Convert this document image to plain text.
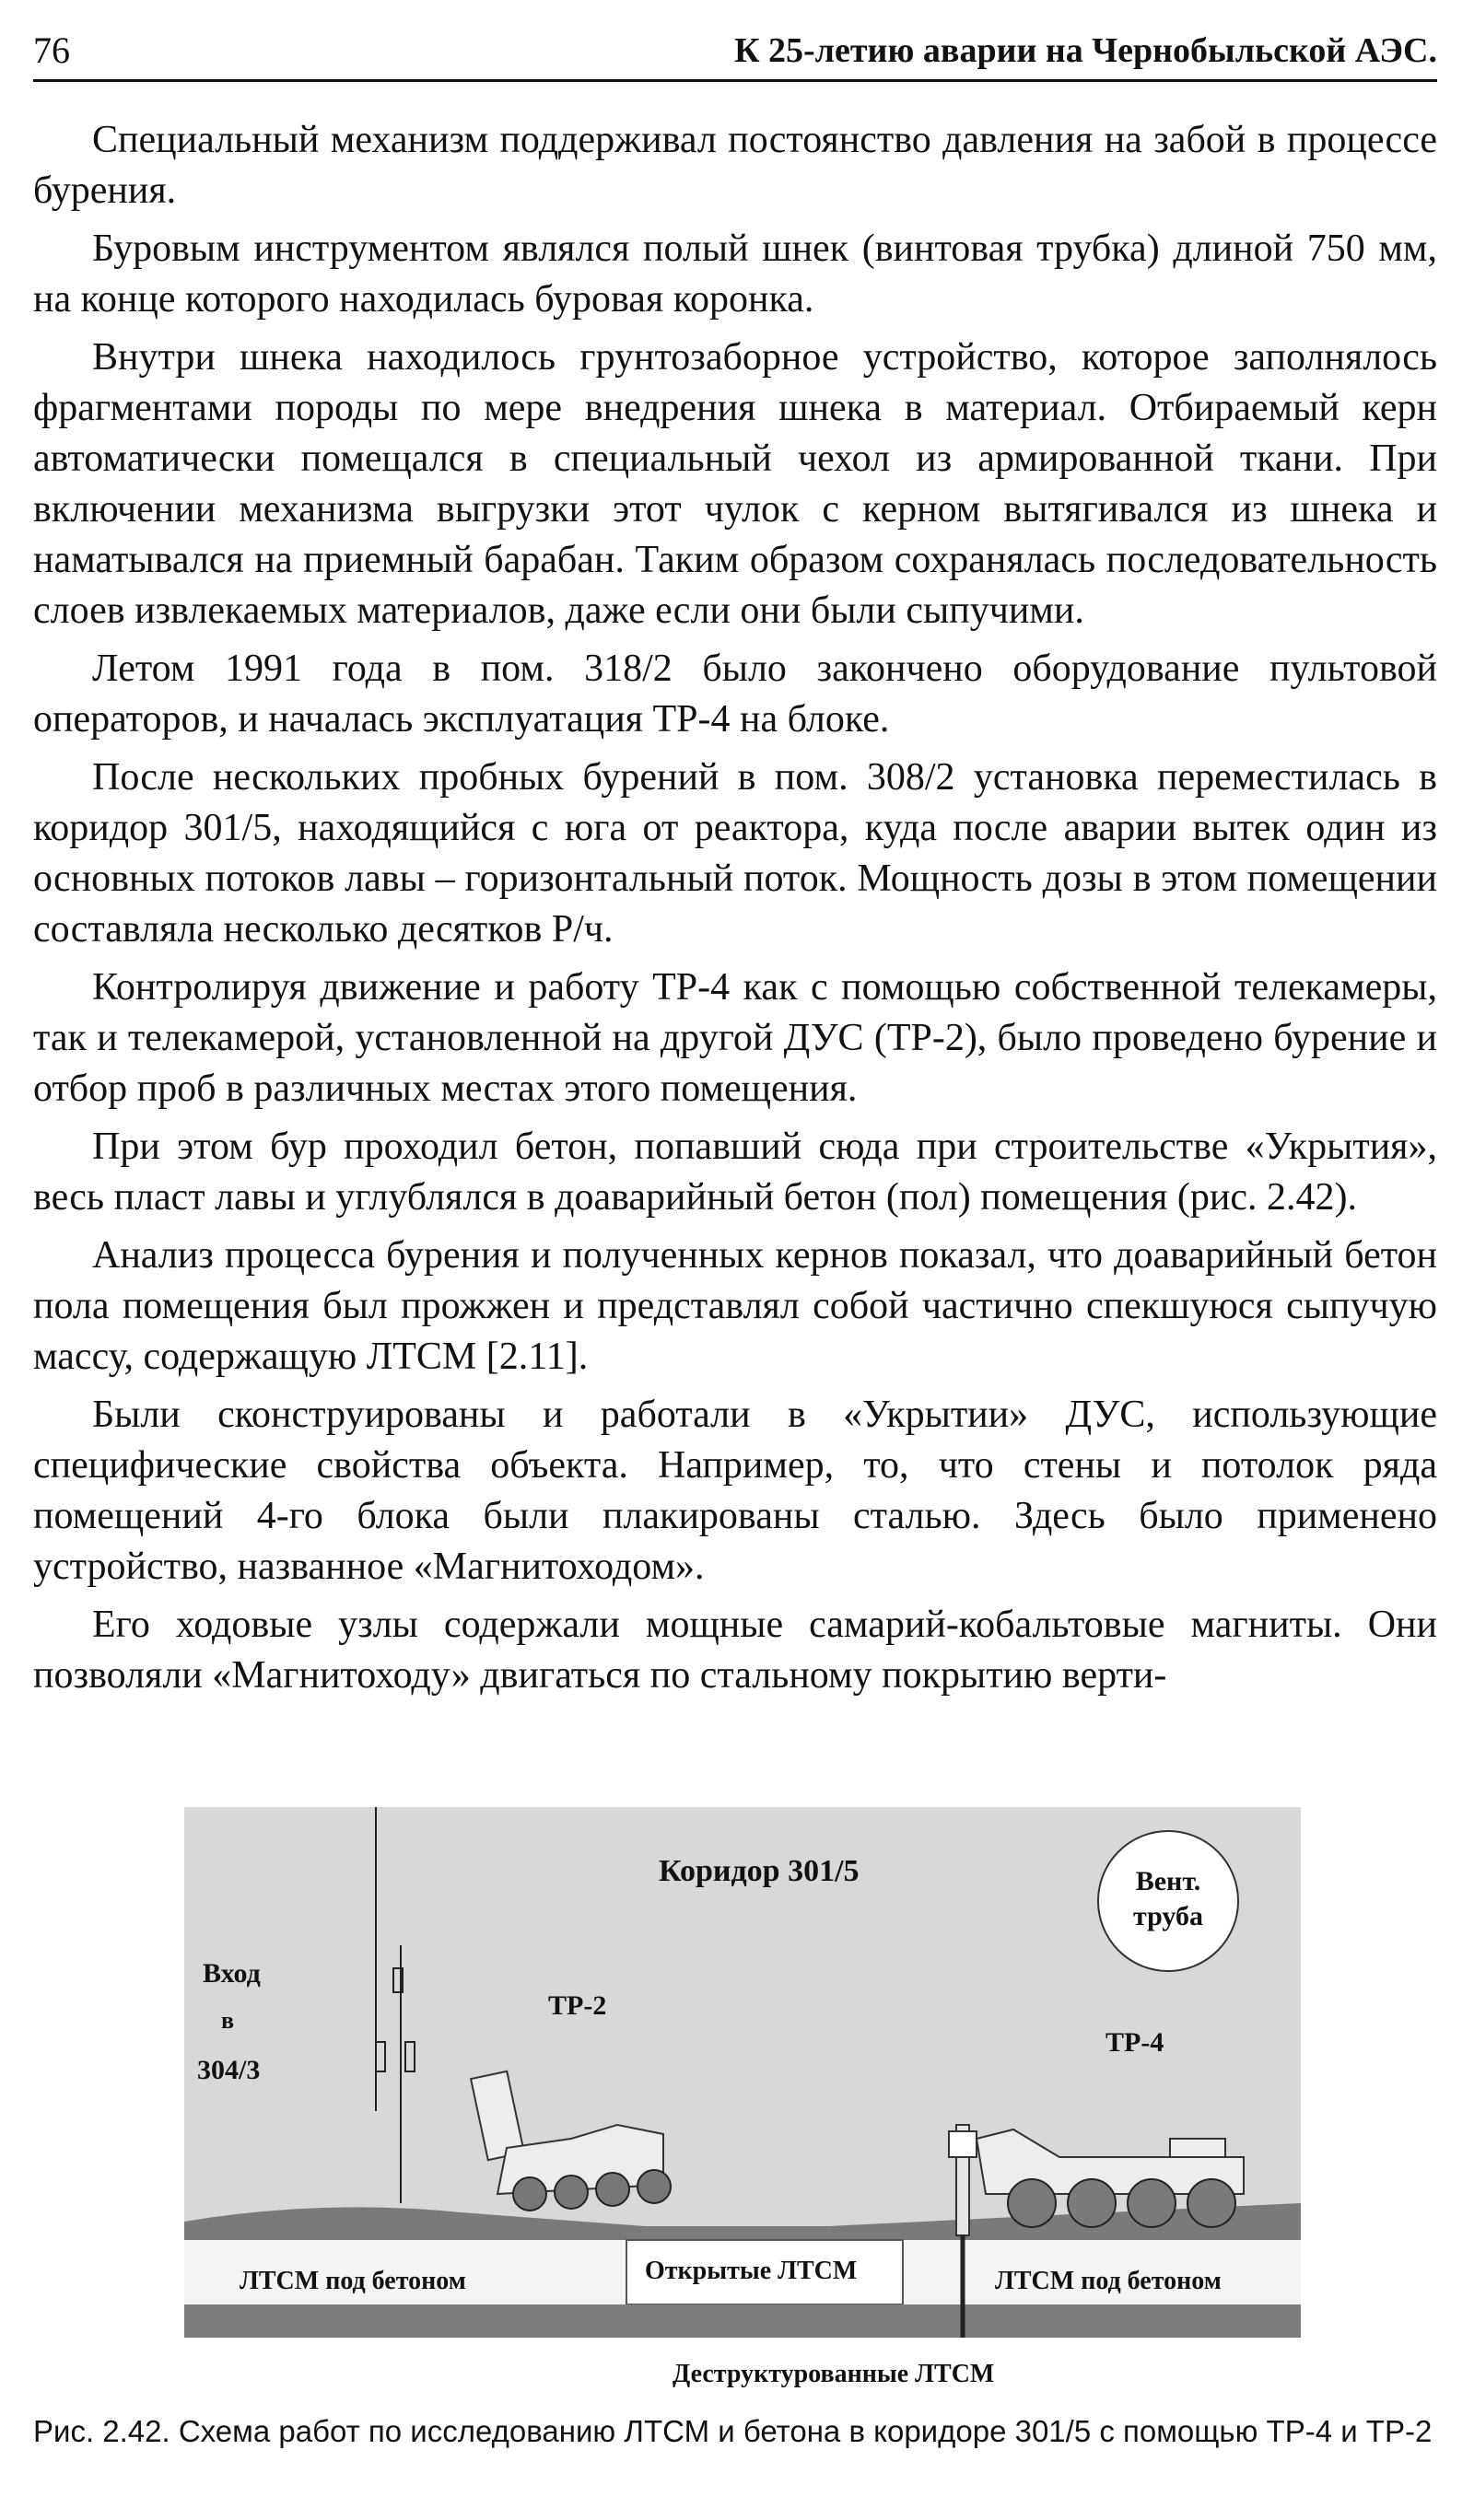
76	К 25-летию аварии на Чернобыльской АЭС.

Специальный механизм поддерживал постоянство давления на забой в процессе бурения.

Буровым инструментом являлся полый шнек (винтовая трубка) длиной 750 мм, на конце которого находилась буровая коронка.

Внутри шнека находилось грунтозаборное устройство, которое заполнялось фрагментами породы по мере внедрения шнека в материал. Отбираемый керн автоматически помещался в специальный чехол из армированной ткани. При включении механизма выгрузки этот чулок с керном вытягивался из шнека и наматывался на приемный барабан. Таким образом сохранялась последовательность слоев извлекаемых материалов, даже если они были сыпучими.

Летом 1991 года в пом. 318/2 было закончено оборудование пультовой операторов, и началась эксплуатация ТР-4 на блоке.

После нескольких пробных бурений в пом. 308/2 установка переместилась в коридор 301/5, находящийся с юга от реактора, куда после аварии вытек один из основных потоков лавы – горизонтальный поток. Мощность дозы в этом помещении составляла несколько десятков Р/ч.

Контролируя движение и работу ТР-4 как с помощью собственной телекамеры, так и телекамерой, установленной на другой ДУС (ТР-2), было проведено бурение и отбор проб в различных местах этого помещения.

При этом бур проходил бетон, попавший сюда при строительстве «Укрытия», весь пласт лавы и углублялся в доаварийный бетон (пол) помещения (рис. 2.42).

Анализ процесса бурения и полученных кернов показал, что доаварийный бетон пола помещения был прожжен и представлял собой частично спекшуюся сыпучую массу, содержащую ЛТСМ [2.11].

Были сконструированы и работали в «Укрытии» ДУС, использующие специфические свойства объекта. Например, то, что стены и потолок ряда помещений 4-го блока были плакированы сталью. Здесь было применено устройство, названное «Магнитоходом».

Его ходовые узлы содержали мощные самарий-кобальтовые магниты. Они позволяли «Магнитоходу» двигаться по стальному покрытию верти-

Коридор 301/5	Вент.
труба
Вход
в
304/3
ТР-2
ТР-4
ЛТСМ под бетоном	Открытые ЛТСМ	ЛТСМ под бетоном
Деструктурованные ЛТСМ
Рис. 2.42. Схема работ по исследованию ЛТСМ и бетона в коридоре 301/5 с помощью ТР-4 и ТР-2
